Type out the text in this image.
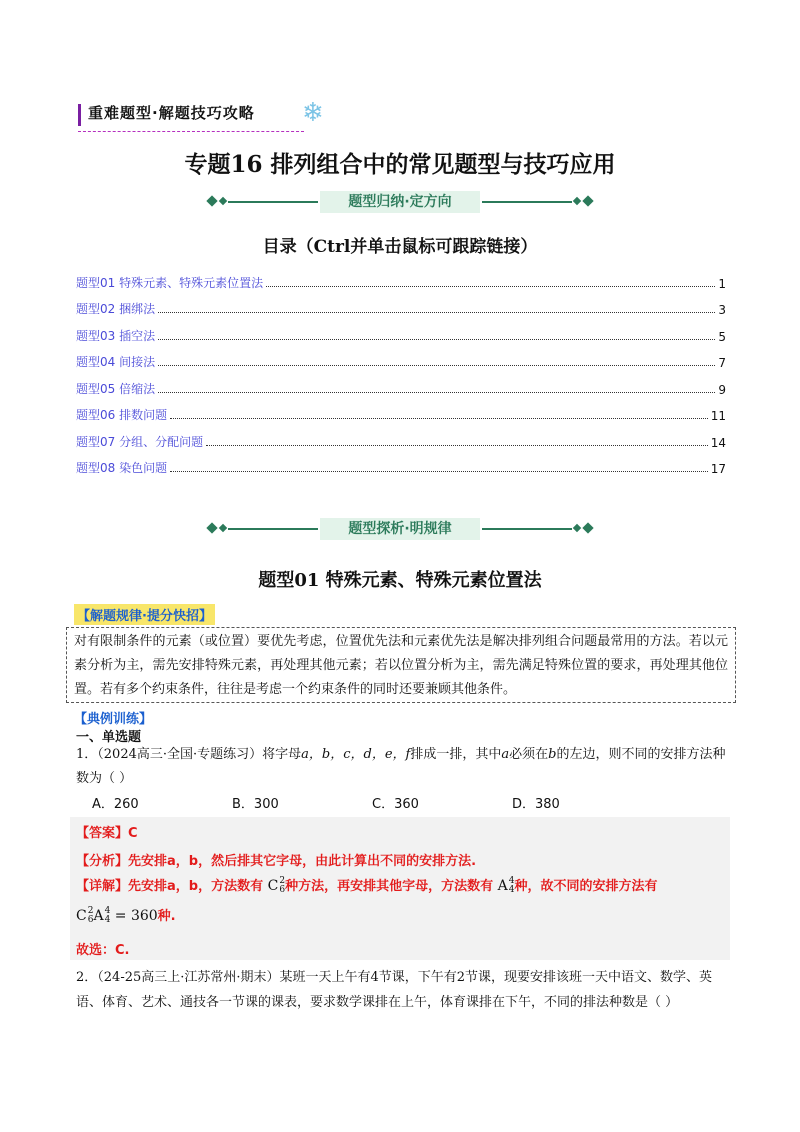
重难题型·解题技巧攻略 ❄
专题16 排列组合中的常见题型与技巧应用
题型归纳·定方向
目录（Ctrl并单击鼠标可跟踪链接）
题型01 特殊元素、特殊元素位置法	1
题型02 捆绑法	3
题型03 插空法	5
题型04 间接法	7
题型05 倍缩法	9
题型06 排数问题	11
题型07 分组、分配问题	14
题型08 染色问题	17
题型探析·明规律
题型01 特殊元素、特殊元素位置法
【解题规律·提分快招】
对有限制条件的元素（或位置）要优先考虑，位置优先法和元素优先法是解决排列组合问题最常用的方法。若以元素分析为主，需先安排特殊元素，再处理其他元素；若以位置分析为主，需先满足特殊位置的要求，再处理其他位置。若有多个约束条件，往往是考虑一个约束条件的同时还要兼顾其他条件。
【典例训练】
一、单选题
1．（2024高三·全国·专题练习）将字母a，b，c，d，e，f排成一排，其中a必须在b的左边，则不同的安排方法种数为（ ）
A．260	B．300	C．360	D．380
【答案】C
【分析】先安排a，b，然后排其它字母，由此计算出不同的安排方法.
【详解】先安排a，b，方法数有 C 2
6 种方法，再安排其他字母，方法数有 A 4
4 种，故不同的安排方法有
C 2
6 A 4
4 = 360种.
故选：C.
2．（24-25高三上·江苏常州·期末）某班一天上午有4节课，下午有2节课，现要安排该班一天中语文、数学、英语、体育、艺术、通技各一节课的课表，要求数学课排在上午，体育课排在下午，不同的排法种数是（ ）
